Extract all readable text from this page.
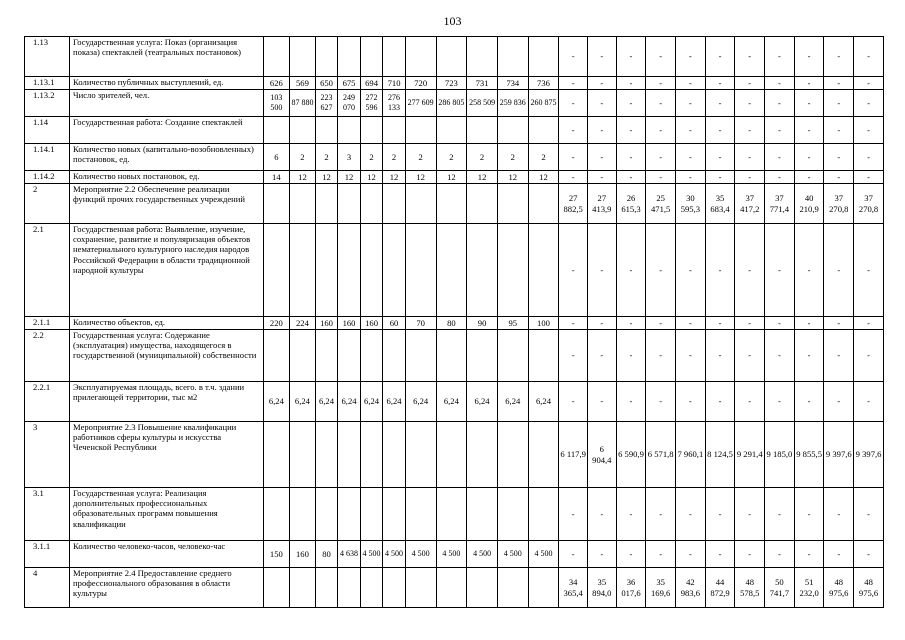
103
1.13	Государственная услуга: Показ (организация показа) спектаклей (театральных постановок)												-	-	-	-	-	-	-	-	-	-	-
1.13.1	Количество публичных выступлений, ед.	626	569	650	675	694	710	720	723	731	734	736	-	-	-	-	-	-	-	-	-	-	-
1.13.2	Число зрителей, чел.	103 500	87 880	223 627	249 070	272 596	276 133	277 609	286 805	258 509	259 836	260 875	-	-	-	-	-	-	-	-	-	-	-
1.14	Государственная работа: Создание спектаклей												-	-	-	-	-	-	-	-	-	-	-
1.14.1	Количество новых (капитально-возобновленных) постановок, ед.	6	2	2	3	2	2	2	2	2	2	2	-	-	-	-	-	-	-	-	-	-	-
1.14.2	Количество новых постановок, ед.	14	12	12	12	12	12	12	12	12	12	12	-	-	-	-	-	-	-	-	-	-	-
2	Мероприятие 2.2 Обеспечение реализации функций прочих государственных учреждений												27 882,5	27 413,9	26 615,3	25 471,5	30 595,3	35 683,4	37 417,2	37 771,4	40 210,9	37 270,8	37 270,8
2.1	Государственная работа: Выявление, изучение, сохранение, развитие и популяризация объектов нематериального культурного наследия народов Российской Федерации в области традиционной народной культуры												-	-	-	-	-	-	-	-	-	-	-
2.1.1	Количество объектов, ед.	220	224	160	160	160	60	70	80	90	95	100	-	-	-	-	-	-	-	-	-	-	-
2.2	Государственная услуга: Содержание (эксплуатация) имущества, находящегося в государственной (муниципальной) собственности												-	-	-	-	-	-	-	-	-	-	-
2.2.1	Эксплуатируемая площадь, всего. в т.ч. здании прилегающей территории, тыс м2	6,24	6,24	6,24	6,24	6,24	6,24	6,24	6,24	6,24	6,24	6,24	-	-	-	-	-	-	-	-	-	-	-
3	Мероприятие 2.3 Повышение квалификации работников сферы культуры и искусства Чеченской Республики												6 117,9	6 904,4	6 590,9	6 571,8	7 960,1	8 124,5	9 291,4	9 185,0	9 855,5	9 397,6	9 397,6
3.1	Государственная услуга: Реализация дополнительных профессиональных образовательных программ повышения квалификации												-	-	-	-	-	-	-	-	-	-	-
3.1.1	Количество человеко-часов, человеко-час	150	160	80	4 638	4 500	4 500	4 500	4 500	4 500	4 500	4 500	-	-	-	-	-	-	-	-	-	-	-
4	Мероприятие 2.4 Предоставление среднего профессионального образования в области культуры												34 365,4	35 894,0	36 017,6	35 169,6	42 983,6	44 872,9	48 578,5	50 741,7	51 232,0	48 975,6	48 975,6
